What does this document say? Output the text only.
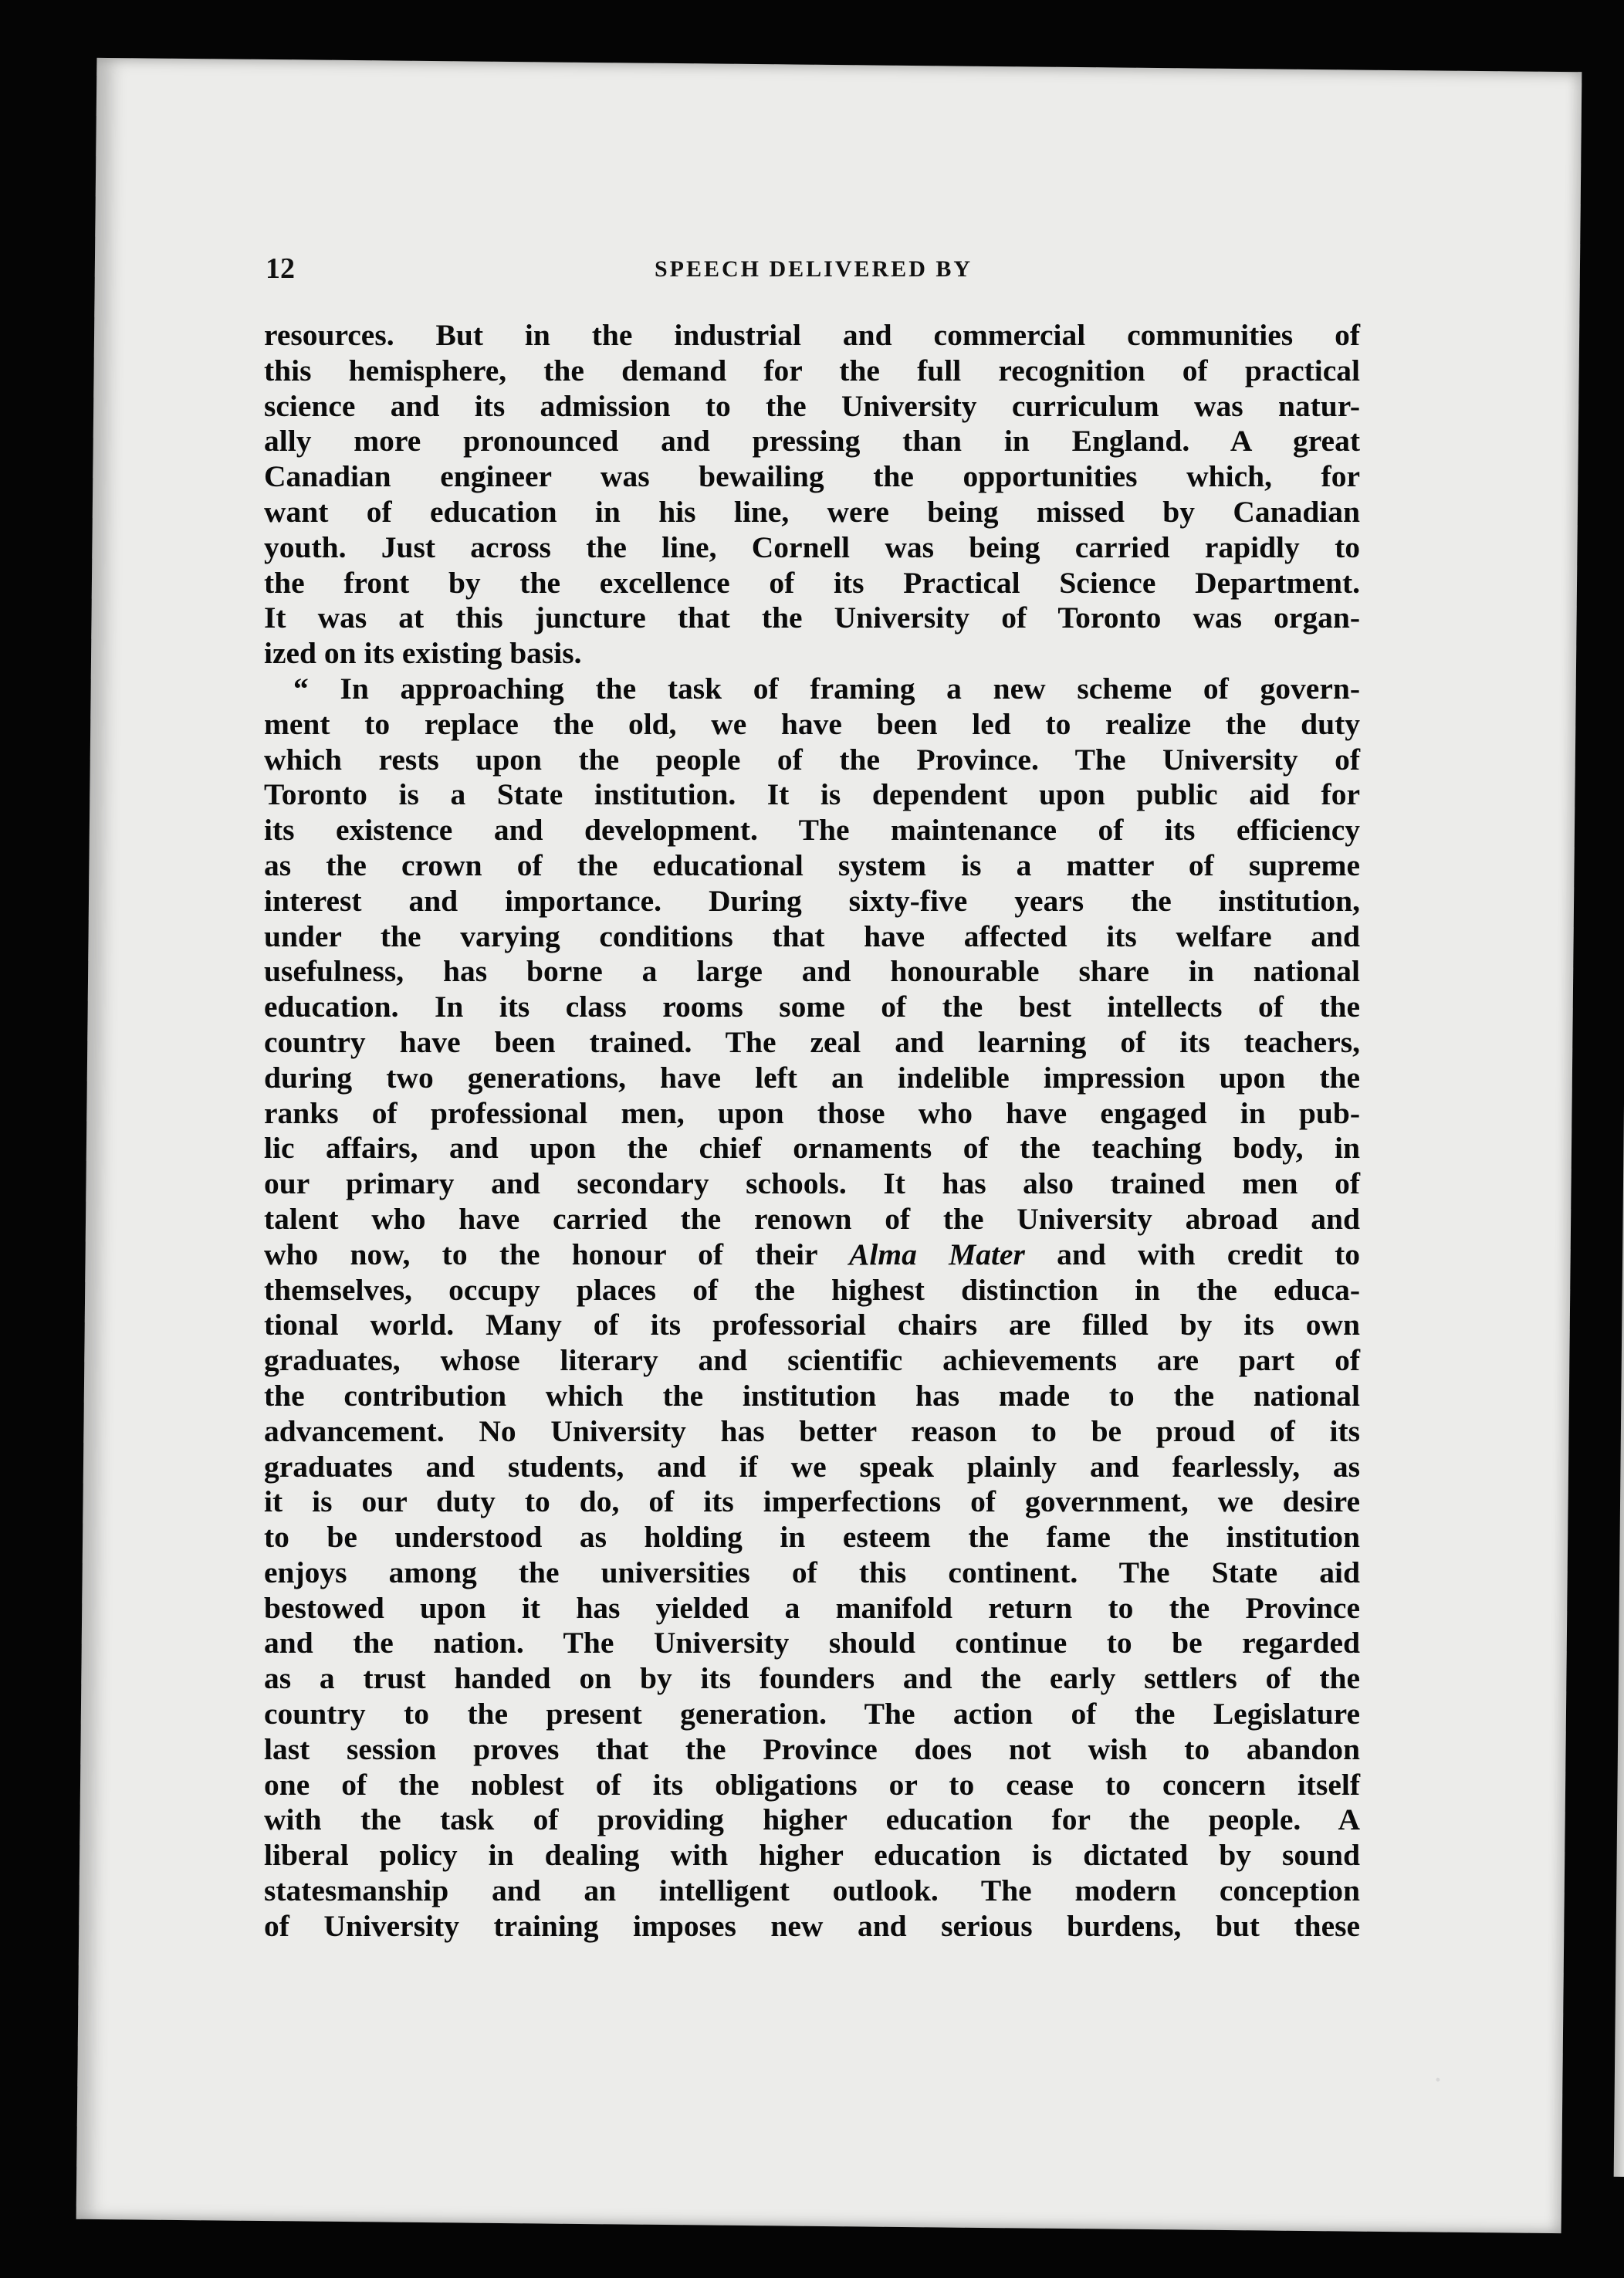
12	SPEECH DELIVERED BY
resources. But in the industrial and commercial communities of
this hemisphere, the demand for the full recognition of practical
science and its admission to the University curriculum was natur-
ally more pronounced and pressing than in England. A great
Canadian engineer was bewailing the opportunities which, for
want of education in his line, were being missed by Canadian
youth. Just across the line, Cornell was being carried rapidly to
the front by the excellence of its Practical Science Department.
It was at this juncture that the University of Toronto was organ-
ized on its existing basis.
“ In approaching the task of framing a new scheme of govern-
ment to replace the old, we have been led to realize the duty
which rests upon the people of the Province. The University of
Toronto is a State institution. It is dependent upon public aid for
its existence and development. The maintenance of its efficiency
as the crown of the educational system is a matter of supreme
interest and importance. During sixty-five years the institution,
under the varying conditions that have affected its welfare and
usefulness, has borne a large and honourable share in national
education. In its class rooms some of the best intellects of the
country have been trained. The zeal and learning of its teachers,
during two generations, have left an indelible impression upon the
ranks of professional men, upon those who have engaged in pub-
lic affairs, and upon the chief ornaments of the teaching body, in
our primary and secondary schools. It has also trained men of
talent who have carried the renown of the University abroad and
who now, to the honour of their Alma Mater and with credit to
themselves, occupy places of the highest distinction in the educa-
tional world. Many of its professorial chairs are filled by its own
graduates, whose literary and scientific achievements are part of
the contribution which the institution has made to the national
advancement. No University has better reason to be proud of its
graduates and students, and if we speak plainly and fearlessly, as
it is our duty to do, of its imperfections of government, we desire
to be understood as holding in esteem the fame the institution
enjoys among the universities of this continent. The State aid
bestowed upon it has yielded a manifold return to the Province
and the nation. The University should continue to be regarded
as a trust handed on by its founders and the early settlers of the
country to the present generation. The action of the Legislature
last session proves that the Province does not wish to abandon
one of the noblest of its obligations or to cease to concern itself
with the task of providing higher education for the people. A
liberal policy in dealing with higher education is dictated by sound
statesmanship and an intelligent outlook. The modern conception
of University training imposes new and serious burdens, but these
